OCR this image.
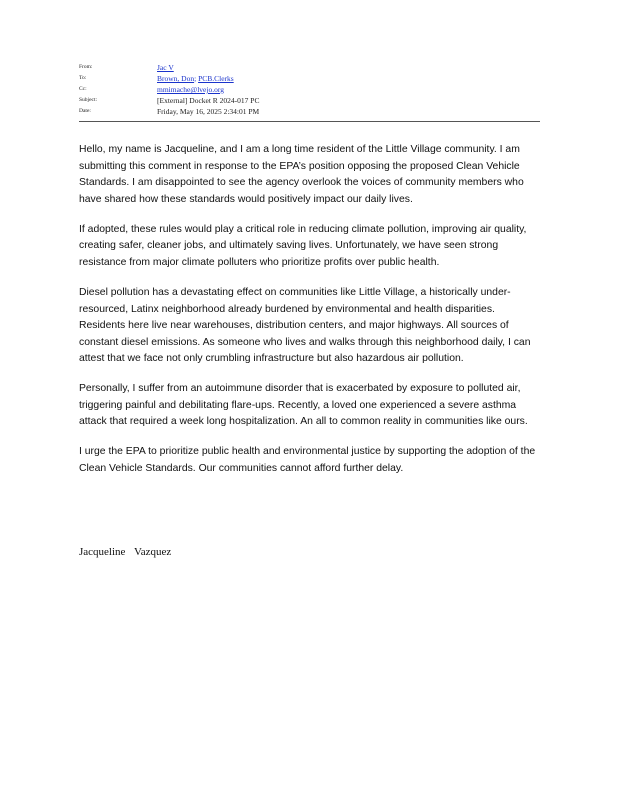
From:	Jac V
To:	Brown, Don; PCB.Clerks
Cc:	mmimache@lvejo.org
Subject:	[External] Docket R 2024-017 PC
Date:	Friday, May 16, 2025 2:34:01 PM

Hello, my name is Jacqueline, and I am a long time resident of the Little Village community. I am submitting this comment in response to the EPA’s position opposing the proposed Clean Vehicle Standards. I am disappointed to see the agency overlook the voices of community members who have shared how these standards would positively impact our daily lives.

If adopted, these rules would play a critical role in reducing climate pollution, improving air quality, creating safer, cleaner jobs, and ultimately saving lives. Unfortunately, we have seen strong resistance from major climate polluters who prioritize profits over public health.

Diesel pollution has a devastating effect on communities like Little Village, a historically under-resourced, Latinx neighborhood already burdened by environmental and health disparities. Residents here live near warehouses, distribution centers, and major highways. All sources of constant diesel emissions. As someone who lives and walks through this neighborhood daily, I can attest that we face not only crumbling infrastructure but also hazardous air pollution.

Personally, I suffer from an autoimmune disorder that is exacerbated by exposure to polluted air, triggering painful and debilitating flare-ups. Recently, a loved one experienced a severe asthma attack that required a week long hospitalization. An all to common reality in communities like ours.

I urge the EPA to prioritize public health and environmental justice by supporting the adoption of the Clean Vehicle Standards. Our communities cannot afford further delay.

Jacqueline Vazquez
